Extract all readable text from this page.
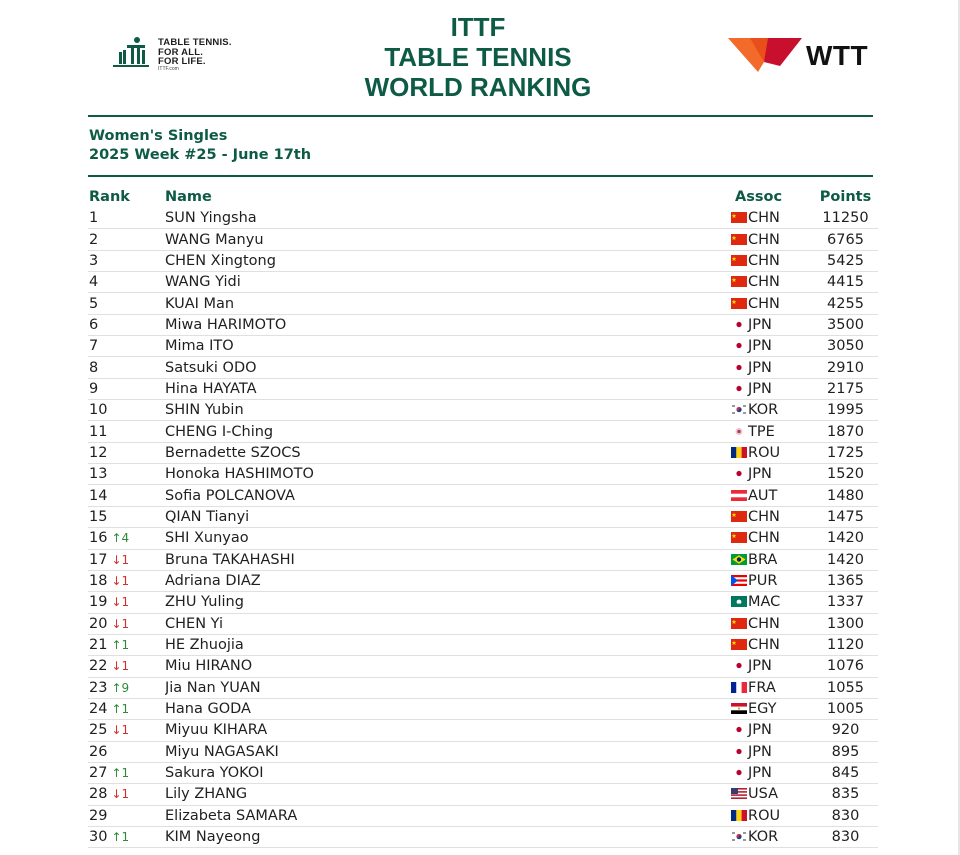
TABLE TENNIS.
FOR ALL.
FOR LIFE.
ITTF.com
ITTF
TABLE TENNIS
WORLD RANKING
WTT
Women's Singles
2025 Week #25 - June 17th
Rank	Name	Assoc	Points
1	SUN Yingsha	CHN	11250
2	WANG Manyu	CHN	6765
3	CHEN Xingtong	CHN	5425
4	WANG Yidi	CHN	4415
5	KUAI Man	CHN	4255
6	Miwa HARIMOTO	JPN	3500
7	Mima ITO	JPN	3050
8	Satsuki ODO	JPN	2910
9	Hina HAYATA	JPN	2175
10	SHIN Yubin	KOR	1995
11	CHENG I-Ching	TPE	1870
12	Bernadette SZOCS	ROU	1725
13	Honoka HASHIMOTO	JPN	1520
14	Sofia POLCANOVA	AUT	1480
15	QIAN Tianyi	CHN	1475
16 ↑4	SHI Xunyao	CHN	1420
17 ↓1	Bruna TAKAHASHI	BRA	1420
18 ↓1	Adriana DIAZ	PUR	1365
19 ↓1	ZHU Yuling	MAC	1337
20 ↓1	CHEN Yi	CHN	1300
21 ↑1	HE Zhuojia	CHN	1120
22 ↓1	Miu HIRANO	JPN	1076
23 ↑9	Jia Nan YUAN	FRA	1055
24 ↑1	Hana GODA	EGY	1005
25 ↓1	Miyuu KIHARA	JPN	920
26	Miyu NAGASAKI	JPN	895
27 ↑1	Sakura YOKOI	JPN	845
28 ↓1	Lily ZHANG	USA	835
29	Elizabeta SAMARA	ROU	830
30 ↑1	KIM Nayeong	KOR	830
